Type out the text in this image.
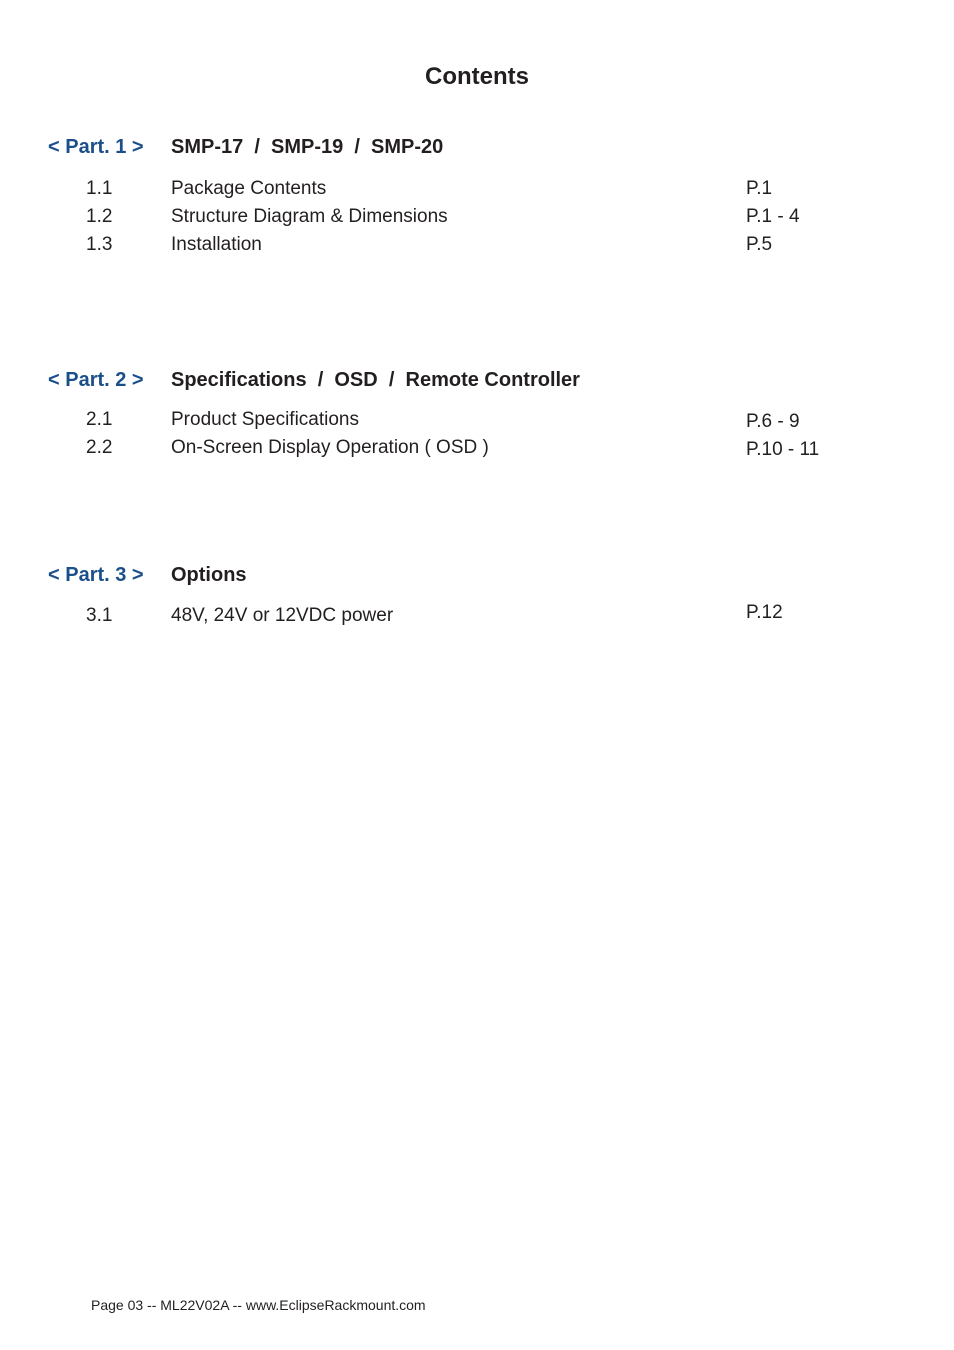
Contents
< Part. 1 > SMP-17  /  SMP-19  /  SMP-20
1.1	Package Contents	P.1
1.2	Structure Diagram & Dimensions	P.1 - 4
1.3	Installation	P.5
< Part. 2 > Specifications  /  OSD  /  Remote Controller
2.1	Product Specifications	P.6 - 9
2.2	On-Screen Display Operation ( OSD )	P.10 - 11
< Part. 3 > Options
3.1	48V, 24V or 12VDC power	P.12
Page 03 -- ML22V02A -- www.EclipseRackmount.com
